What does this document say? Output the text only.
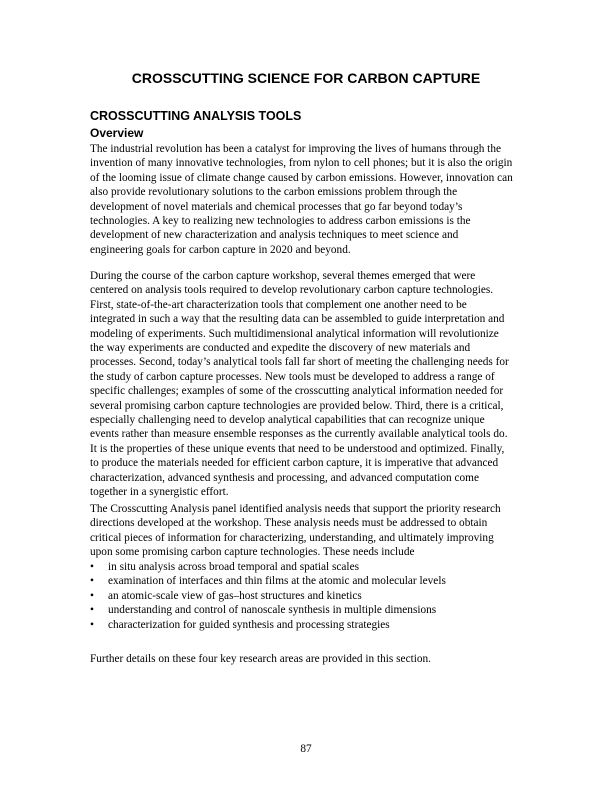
CROSSCUTTING SCIENCE FOR CARBON CAPTURE
CROSSCUTTING ANALYSIS TOOLS
Overview

The industrial revolution has been a catalyst for improving the lives of humans through the
invention of many innovative technologies, from nylon to cell phones; but it is also the origin
of the looming issue of climate change caused by carbon emissions. However, innovation can
also provide revolutionary solutions to the carbon emissions problem through the
development of novel materials and chemical processes that go far beyond today’s
technologies. A key to realizing new technologies to address carbon emissions is the
development of new characterization and analysis techniques to meet science and
engineering goals for carbon capture in 2020 and beyond.

During the course of the carbon capture workshop, several themes emerged that were
centered on analysis tools required to develop revolutionary carbon capture technologies.
First, state-of-the-art characterization tools that complement one another need to be
integrated in such a way that the resulting data can be assembled to guide interpretation and
modeling of experiments. Such multidimensional analytical information will revolutionize
the way experiments are conducted and expedite the discovery of new materials and
processes. Second, today’s analytical tools fall far short of meeting the challenging needs for
the study of carbon capture processes. New tools must be developed to address a range of
specific challenges; examples of some of the crosscutting analytical information needed for
several promising carbon capture technologies are provided below. Third, there is a critical,
especially challenging need to develop analytical capabilities that can recognize unique
events rather than measure ensemble responses as the currently available analytical tools do.
It is the properties of these unique events that need to be understood and optimized. Finally,
to produce the materials needed for efficient carbon capture, it is imperative that advanced
characterization, advanced synthesis and processing, and advanced computation come
together in a synergistic effort.

The Crosscutting Analysis panel identified analysis needs that support the priority research
directions developed at the workshop. These analysis needs must be addressed to obtain
critical pieces of information for characterizing, understanding, and ultimately improving
upon some promising carbon capture technologies. These needs include

• in situ analysis across broad temporal and spatial scales
• examination of interfaces and thin films at the atomic and molecular levels
• an atomic-scale view of gas–host structures and kinetics
• understanding and control of nanoscale synthesis in multiple dimensions
• characterization for guided synthesis and processing strategies

Further details on these four key research areas are provided in this section.

87
